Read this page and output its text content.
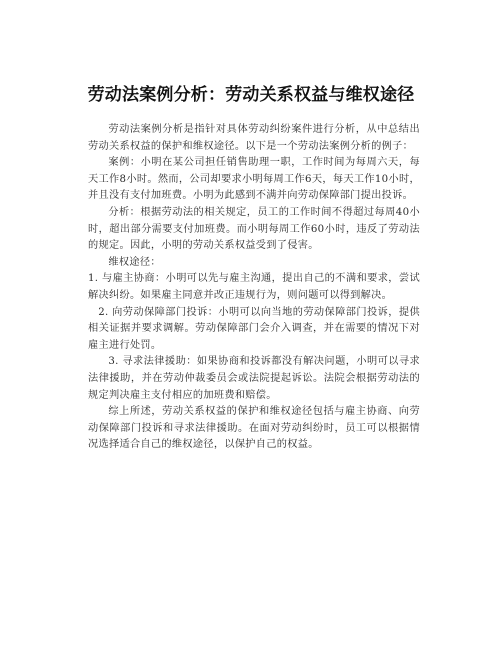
劳动法案例分析：劳动关系权益与维权途径

劳动法案例分析是指针对具体劳动纠纷案件进行分析，从中总结出劳动关系权益的保护和维权途径。以下是一个劳动法案例分析的例子：

案例：小明在某公司担任销售助理一职，工作时间为每周六天，每天工作8小时。然而，公司却要求小明每周工作6天，每天工作10小时，并且没有支付加班费。小明为此感到不满并向劳动保障部门提出投诉。

分析：根据劳动法的相关规定，员工的工作时间不得超过每周40小时，超出部分需要支付加班费。而小明每周工作60小时，违反了劳动法的规定。因此，小明的劳动关系权益受到了侵害。

维权途径：

1. 与雇主协商：小明可以先与雇主沟通，提出自己的不满和要求，尝试解决纠纷。如果雇主同意并改正违规行为，则问题可以得到解决。

2. 向劳动保障部门投诉：小明可以向当地的劳动保障部门投诉，提供相关证据并要求调解。劳动保障部门会介入调查，并在需要的情况下对雇主进行处罚。

3. 寻求法律援助：如果协商和投诉都没有解决问题，小明可以寻求法律援助，并在劳动仲裁委员会或法院提起诉讼。法院会根据劳动法的规定判决雇主支付相应的加班费和赔偿。

综上所述，劳动关系权益的保护和维权途径包括与雇主协商、向劳动保障部门投诉和寻求法律援助。在面对劳动纠纷时，员工可以根据情况选择适合自己的维权途径，以保护自己的权益。
